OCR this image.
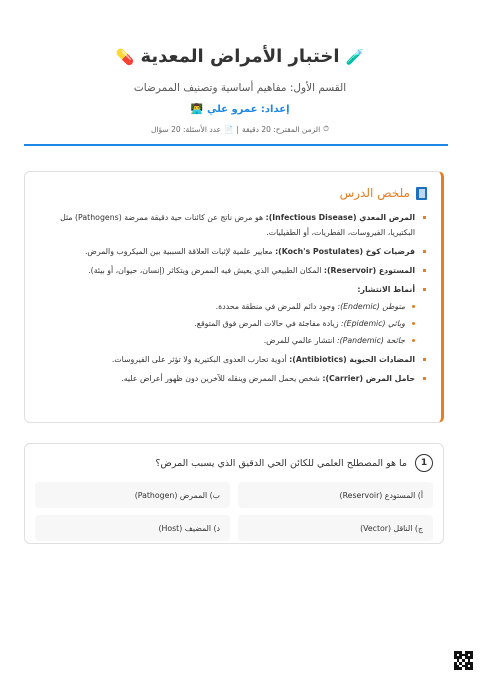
🧪
اختبار الأمراض المعدية
💊
القسم الأول: مفاهيم أساسية وتصنيف الممرضات
إعداد: عمرو علي
👨‍💻
⏱
الزمن المقترح: 20 دقيقة
|
📄
عدد الأسئلة: 20 سؤال
ملخص الدرس
المرض المعدي (Infectious Disease): هو مرض ناتج عن كائنات حية دقيقة ممرضة (Pathogens) مثل البكتيريا، الفيروسات، الفطريات، أو الطفيليات.
فرضيات كوخ (Koch's Postulates): معايير علمية لإثبات العلاقة السببية بين الميكروب والمرض.
المستودع (Reservoir): المكان الطبيعي الذي يعيش فيه الممرض ويتكاثر (إنسان، حيوان، أو بيئة).
أنماط الانتشار:
متوطن (Endemic): وجود دائم للمرض في منطقة محددة.
وبائي (Epidemic): زيادة مفاجئة في حالات المرض فوق المتوقع.
جائحة (Pandemic): انتشار عالمي للمرض.
المضادات الحيوية (Antibiotics): أدوية تحارب العدوى البكتيرية ولا تؤثر على الفيروسات.
حامل المرض (Carrier): شخص يحمل الممرض وينقله للآخرين دون ظهور أعراض عليه.
1
ما هو المصطلح العلمي للكائن الحي الدقيق الذي يسبب المرض؟
أ) المستودع (Reservoir)
ب) الممرض (Pathogen)
ج) الناقل (Vector)
د) المضيف (Host)
